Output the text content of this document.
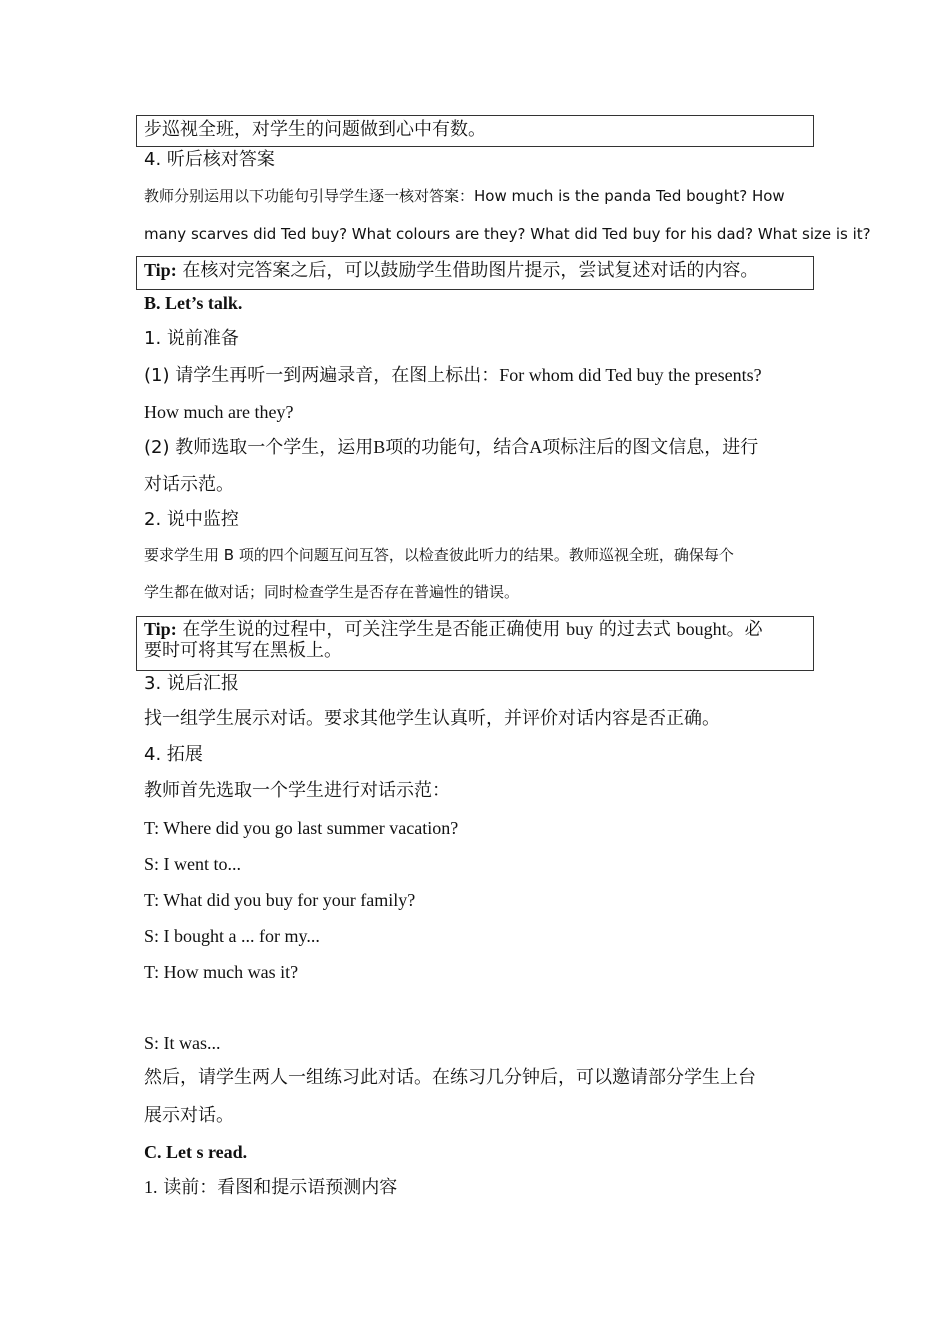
步巡视全班，对学生的问题做到心中有数。
4. 听后核对答案
教师分别运用以下功能句引导学生逐一核对答案：How much is the panda Ted bought? How
many scarves did Ted buy? What colours are they? What did Ted buy for his dad? What size is it?
Tip: 在核对完答案之后，可以鼓励学生借助图片提示，尝试复述对话的内容。
B. Let’s talk.
1. 说前准备
(1) 请学生再听一到两遍录音，在图上标出：For whom did Ted buy the presents?
How much are they?
(2) 教师选取一个学生，运用B项的功能句，结合A项标注后的图文信息，进行
对话示范。
2. 说中监控
要求学生用 B 项的四个问题互问互答，以检查彼此听力的结果。教师巡视全班，确保每个
学生都在做对话；同时检查学生是否存在普遍性的错误。
Tip: 在学生说的过程中，可关注学生是否能正确使用 buy 的过去式 bought。必
要时可将其写在黑板上。
3. 说后汇报
找一组学生展示对话。要求其他学生认真听，并评价对话内容是否正确。
4. 拓展
教师首先选取一个学生进行对话示范：
T: Where did you go last summer vacation?
S: I went to...
T: What did you buy for your family?
S: I bought a ... for my...
T: How much was it?
S: It was...
然后，请学生两人一组练习此对话。在练习几分钟后，可以邀请部分学生上台
展示对话。
C. Let s read.
1. 读前：看图和提示语预测内容
